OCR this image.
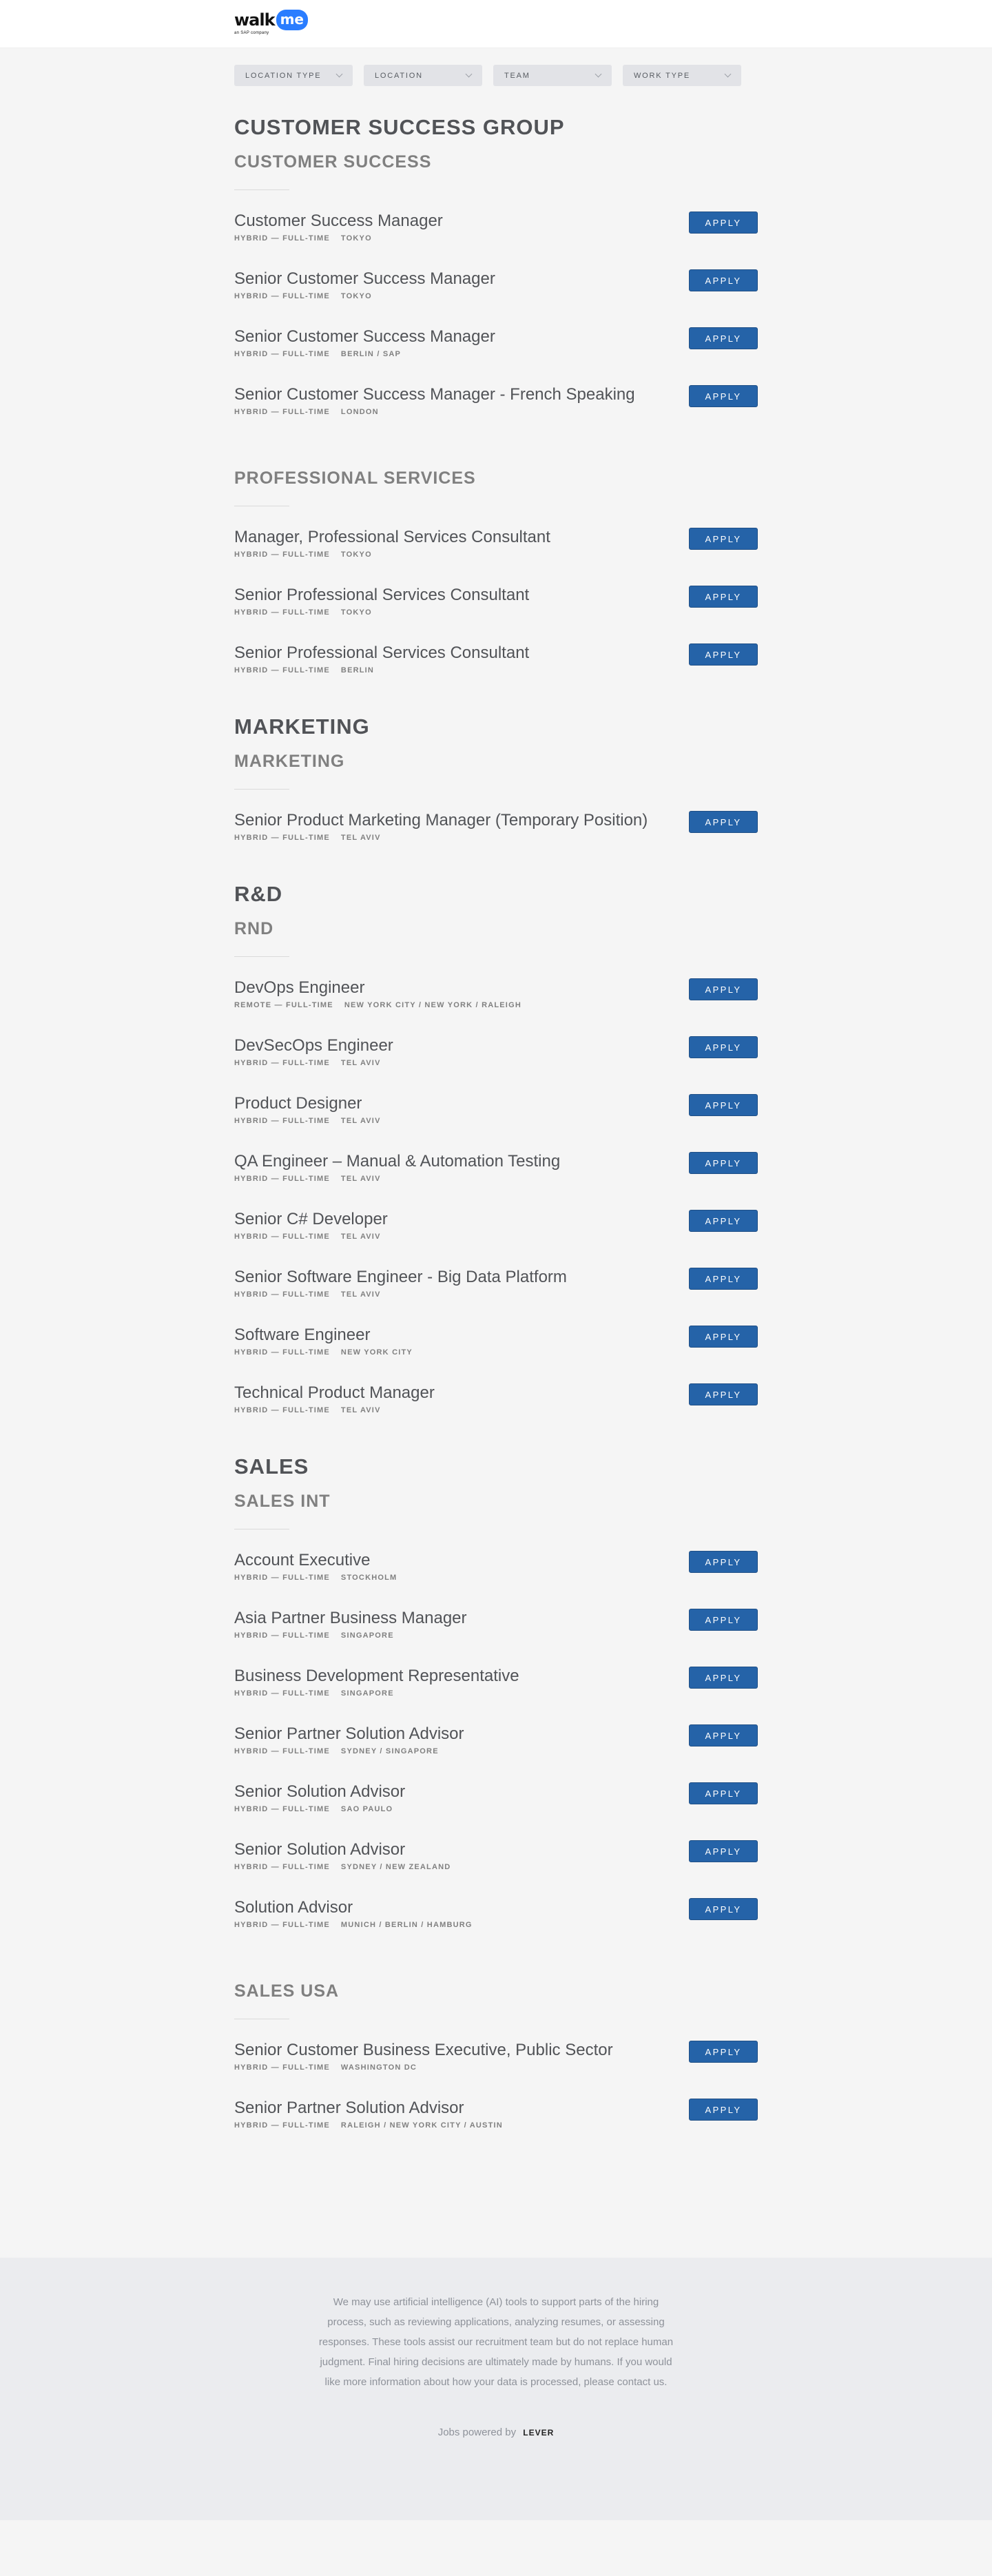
walk me
an SAP company
LOCATION TYPE	LOCATION	TEAM	WORK TYPE
CUSTOMER SUCCESS GROUP
CUSTOMER SUCCESS
Customer Success Manager
HYBRID — FULL-TIME TOKYO
APPLY
Senior Customer Success Manager
HYBRID — FULL-TIME TOKYO
APPLY
Senior Customer Success Manager
HYBRID — FULL-TIME BERLIN / SAP
APPLY
Senior Customer Success Manager - French Speaking
HYBRID — FULL-TIME LONDON
APPLY
PROFESSIONAL SERVICES
Manager, Professional Services Consultant
HYBRID — FULL-TIME TOKYO
APPLY
Senior Professional Services Consultant
HYBRID — FULL-TIME TOKYO
APPLY
Senior Professional Services Consultant
HYBRID — FULL-TIME BERLIN
APPLY
MARKETING
MARKETING
Senior Product Marketing Manager (Temporary Position)
HYBRID — FULL-TIME TEL AVIV
APPLY
R&D
RND
DevOps Engineer
REMOTE — FULL-TIME NEW YORK CITY / NEW YORK / RALEIGH
APPLY
DevSecOps Engineer
HYBRID — FULL-TIME TEL AVIV
APPLY
Product Designer
HYBRID — FULL-TIME TEL AVIV
APPLY
QA Engineer – Manual & Automation Testing
HYBRID — FULL-TIME TEL AVIV
APPLY
Senior C# Developer
HYBRID — FULL-TIME TEL AVIV
APPLY
Senior Software Engineer - Big Data Platform
HYBRID — FULL-TIME TEL AVIV
APPLY
Software Engineer
HYBRID — FULL-TIME NEW YORK CITY
APPLY
Technical Product Manager
HYBRID — FULL-TIME TEL AVIV
APPLY
SALES
SALES INT
Account Executive
HYBRID — FULL-TIME STOCKHOLM
APPLY
Asia Partner Business Manager
HYBRID — FULL-TIME SINGAPORE
APPLY
Business Development Representative
HYBRID — FULL-TIME SINGAPORE
APPLY
Senior Partner Solution Advisor
HYBRID — FULL-TIME SYDNEY / SINGAPORE
APPLY
Senior Solution Advisor
HYBRID — FULL-TIME SAO PAULO
APPLY
Senior Solution Advisor
HYBRID — FULL-TIME SYDNEY / NEW ZEALAND
APPLY
Solution Advisor
HYBRID — FULL-TIME MUNICH / BERLIN / HAMBURG
APPLY
SALES USA
Senior Customer Business Executive, Public Sector
HYBRID — FULL-TIME WASHINGTON DC
APPLY
Senior Partner Solution Advisor
HYBRID — FULL-TIME RALEIGH / NEW YORK CITY / AUSTIN
APPLY

We may use artificial intelligence (AI) tools to support parts of the hiring process, such as reviewing applications, analyzing resumes, or assessing responses. These tools assist our recruitment team but do not replace human judgment. Final hiring decisions are ultimately made by humans. If you would like more information about how your data is processed, please contact us.

Jobs powered by LEVER
